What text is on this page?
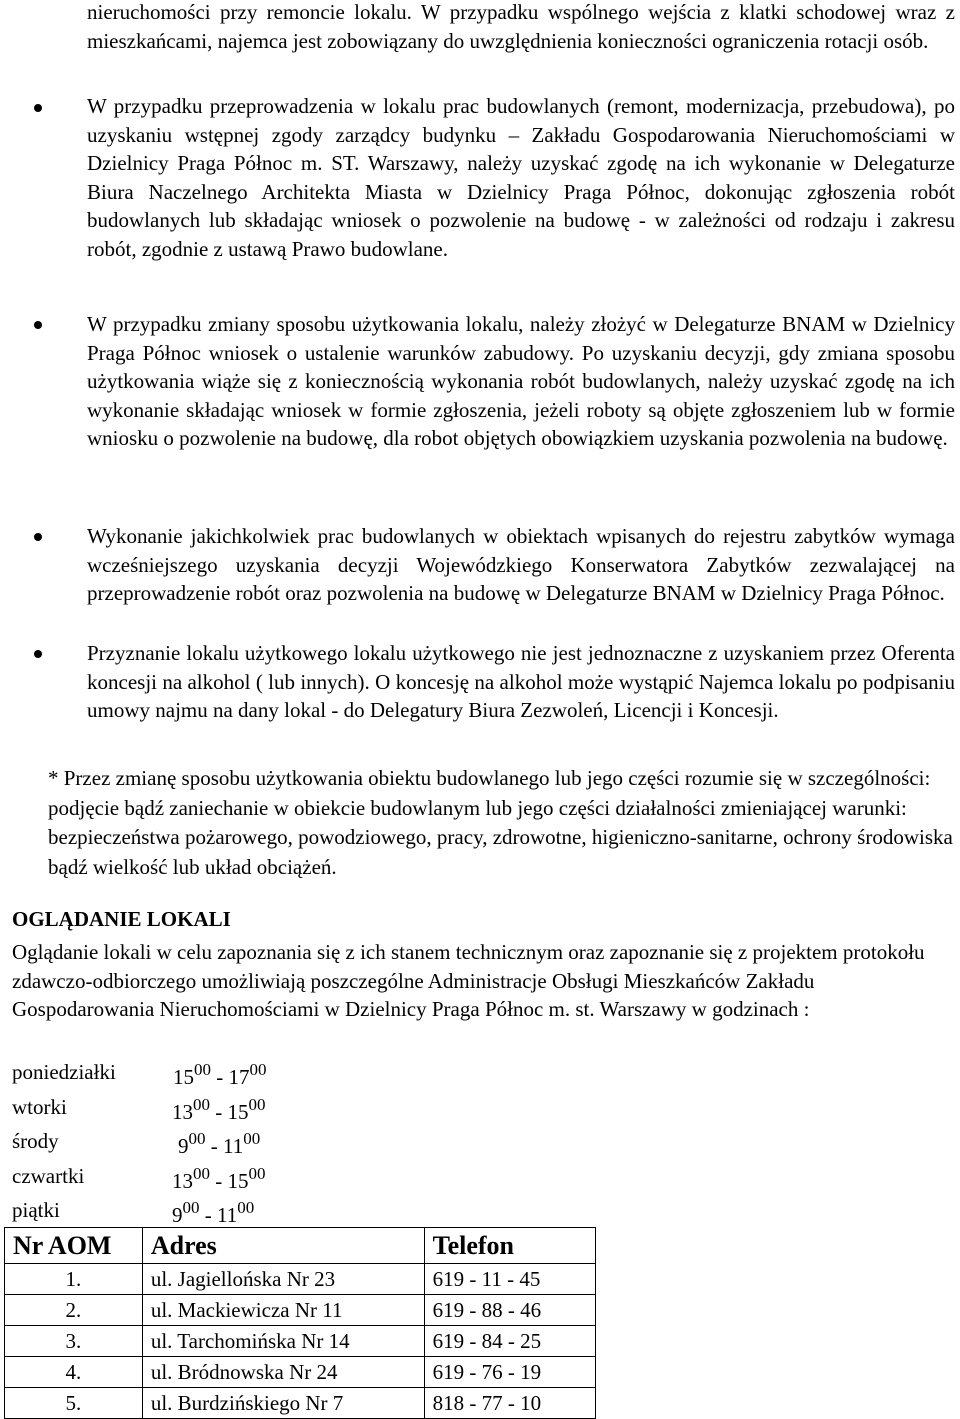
nieruchomości przy remoncie lokalu. W przypadku wspólnego wejścia z klatki schodowej wraz z mieszkańcami, najemca jest zobowiązany do uwzględnienia konieczności ograniczenia rotacji osób.

W przypadku przeprowadzenia w lokalu prac budowlanych (remont, modernizacja, przebudowa), po uzyskaniu wstępnej zgody zarządcy budynku – Zakładu Gospodarowania Nieruchomościami w Dzielnicy Praga Północ m. ST. Warszawy, należy uzyskać zgodę na ich wykonanie w Delegaturze Biura Naczelnego Architekta Miasta w Dzielnicy Praga Północ, dokonując zgłoszenia robót budowlanych lub składając wniosek o pozwolenie na budowę - w zależności od rodzaju i zakresu robót, zgodnie z ustawą Prawo budowlane.

W przypadku zmiany sposobu użytkowania lokalu, należy złożyć w Delegaturze BNAM w Dzielnicy Praga Północ wniosek o ustalenie warunków zabudowy. Po uzyskaniu decyzji, gdy zmiana sposobu użytkowania wiąże się z koniecznością wykonania robót budowlanych, należy uzyskać zgodę na ich wykonanie składając wniosek w formie zgłoszenia, jeżeli roboty są objęte zgłoszeniem lub w formie wniosku o pozwolenie na budowę, dla robot objętych obowiązkiem uzyskania pozwolenia na budowę.

Wykonanie jakichkolwiek prac budowlanych w obiektach wpisanych do rejestru zabytków wymaga wcześniejszego uzyskania decyzji Wojewódzkiego Konserwatora Zabytków zezwalającej na przeprowadzenie robót oraz pozwolenia na budowę w Delegaturze BNAM w Dzielnicy Praga Północ.

Przyznanie lokalu użytkowego lokalu użytkowego nie jest jednoznaczne z uzyskaniem przez Oferenta koncesji na alkohol ( lub innych). O koncesję na alkohol może wystąpić Najemca lokalu po podpisaniu umowy najmu na dany lokal - do Delegatury Biura Zezwoleń, Licencji i Koncesji.

* Przez zmianę sposobu użytkowania obiektu budowlanego lub jego części rozumie się w szczególności: podjęcie bądź zaniechanie w obiekcie budowlanym lub jego części działalności zmieniającej warunki: bezpieczeństwa pożarowego, powodziowego, pracy, zdrowotne, higieniczno-sanitarne, ochrony środowiska bądź wielkość lub układ obciążeń.

OGLĄDANIE LOKALI

Oglądanie lokali w celu zapoznania się z ich stanem technicznym oraz zapoznanie się z projektem protokołu zdawczo-odbiorczego umożliwiają poszczególne Administracje Obsługi Mieszkańców Zakładu Gospodarowania Nieruchomościami w Dzielnicy Praga Północ m. st. Warszawy w godzinach :

poniedziałki	$15^{00} - 17^{00}$
wtorki	$13^{00} - 15^{00}$
środy	$9^{00} - 11^{00}$
czwartki	$13^{00} - 15^{00}$
piątki	$9^{00} - 11^{00}$
Nr AOM	Adres	Telefon
1.	ul. Jagiellońska Nr 23	619 - 11 - 45
2.	ul. Mackiewicza Nr 11	619 - 88 - 46
3.	ul. Tarchomińska Nr 14	619 - 84 - 25
4.	ul. Bródnowska Nr 24	619 - 76 - 19
5.	ul. Burdzińskiego Nr 7	818 - 77 - 10
